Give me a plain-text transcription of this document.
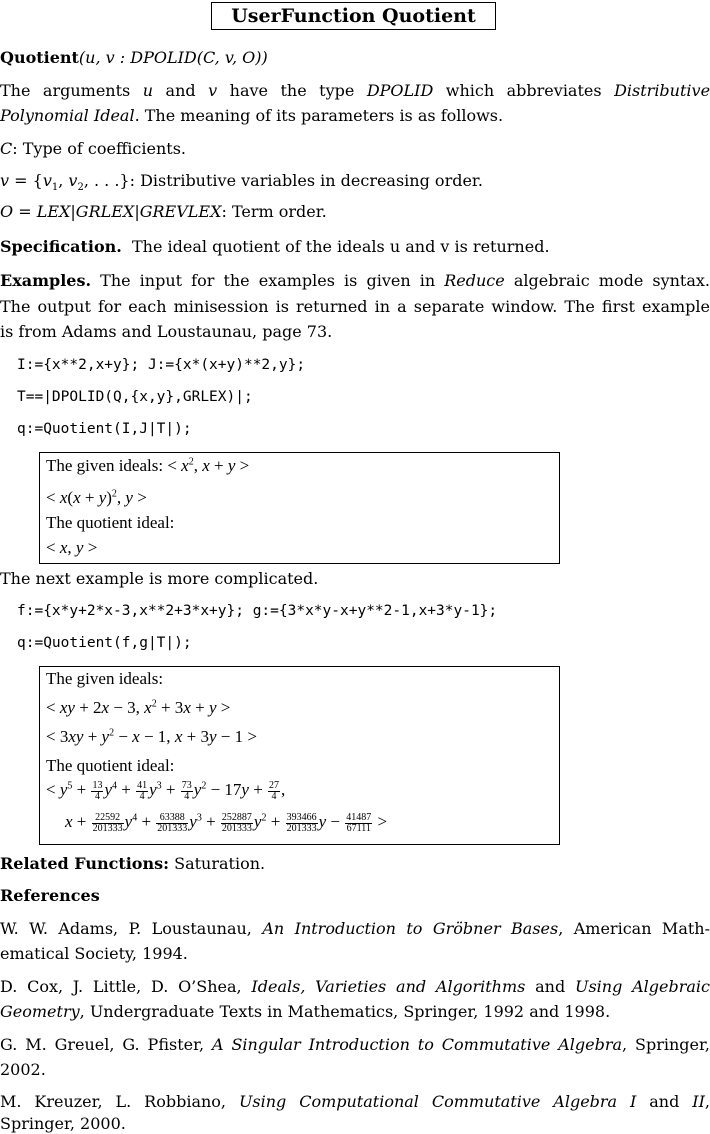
UserFunction Quotient
Quotient(u, v : DPOLID(C, v, O))
The arguments u and v have the type DPOLID which abbreviates Distributive
Polynomial Ideal. The meaning of its parameters is as follows.
C: Type of coefficients.
$v = \{v_1$, $v_2$, . . .}: Distributive variables in decreasing order.
O = LEX|GRLEX|GREVLEX: Term order.
Specification. The ideal quotient of the ideals u and v is returned.
Examples. The input for the examples is given in Reduce algebraic mode syntax.
The output for each minisession is returned in a separate window. The first example
is from Adams and Loustaunau, page 73.
I:={x**2,x+y}; J:={x*(x+y)**2,y};
T==|DPOLID(Q,{x,y},GRLEX)|;
q:=Quotient(I,J|T|);
The given ideals: < $x^2$, x + y >
< $x(x + y)^2$, y >
The quotient ideal:
< x, y >
The next example is more complicated.
f:={x*y+2*x-3,x**2+3*x+y}; g:={3*x*y-x+y**2-1,x+3*y-1};
q:=Quotient(f,g|T|);
The given ideals:
< xy + 2x − 3, $x^2 + 3x + y$ >
< $3xy + y^2 - x - 1$, x + 3y − 1 >
The quotient ideal:
< $y^5 + \frac{13}{4} y^4 + \frac{41}{4} y^3 + \frac{73}{4} y^2 - 17y + \frac{27}{4}$ ,
$x + \frac{22592}{201333} y^4 + \frac{63388}{201333} y^3 + \frac{252887}{201333} y^2 + \frac{393466}{201333}$ $y - \frac{41487}{67111}$ >
Related Functions: Saturation.
References
W. W. Adams, P. Loustaunau, An Introduction to Gröbner Bases, American Math-
ematical Society, 1994.
D. Cox, J. Little, D. O’Shea, Ideals, Varieties and Algorithms and Using Algebraic
Geometry, Undergraduate Texts in Mathematics, Springer, 1992 and 1998.
G. M. Greuel, G. Pfister, A Singular Introduction to Commutative Algebra, Springer,
2002.
M. Kreuzer, L. Robbiano, Using Computational Commutative Algebra I and II,
Springer, 2000.
